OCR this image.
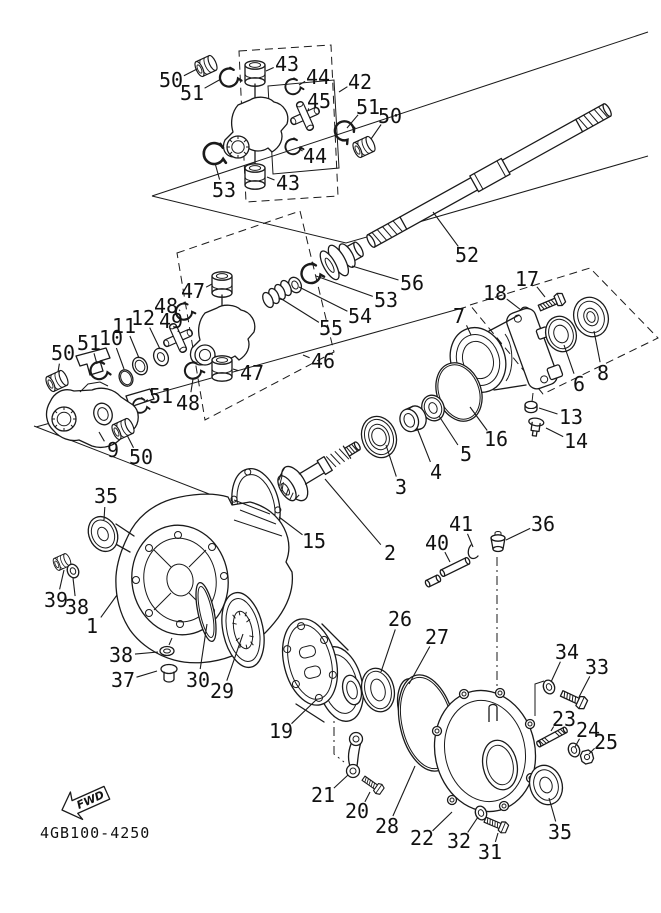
50
51
43
44 42
45 51
50
44
43
53
52
56
53
54
55
46
47
48
49
12
11
10
51
50
47
51 48
9 50
17
18
7
8
6
13
14
16
5
4
3
2
15
35
39
38
1
38
37	30 29
19
26
27
21
20
28 22 32 31
35
23 24
25
34
33
36
41
40
FWD
4GB100-4250
